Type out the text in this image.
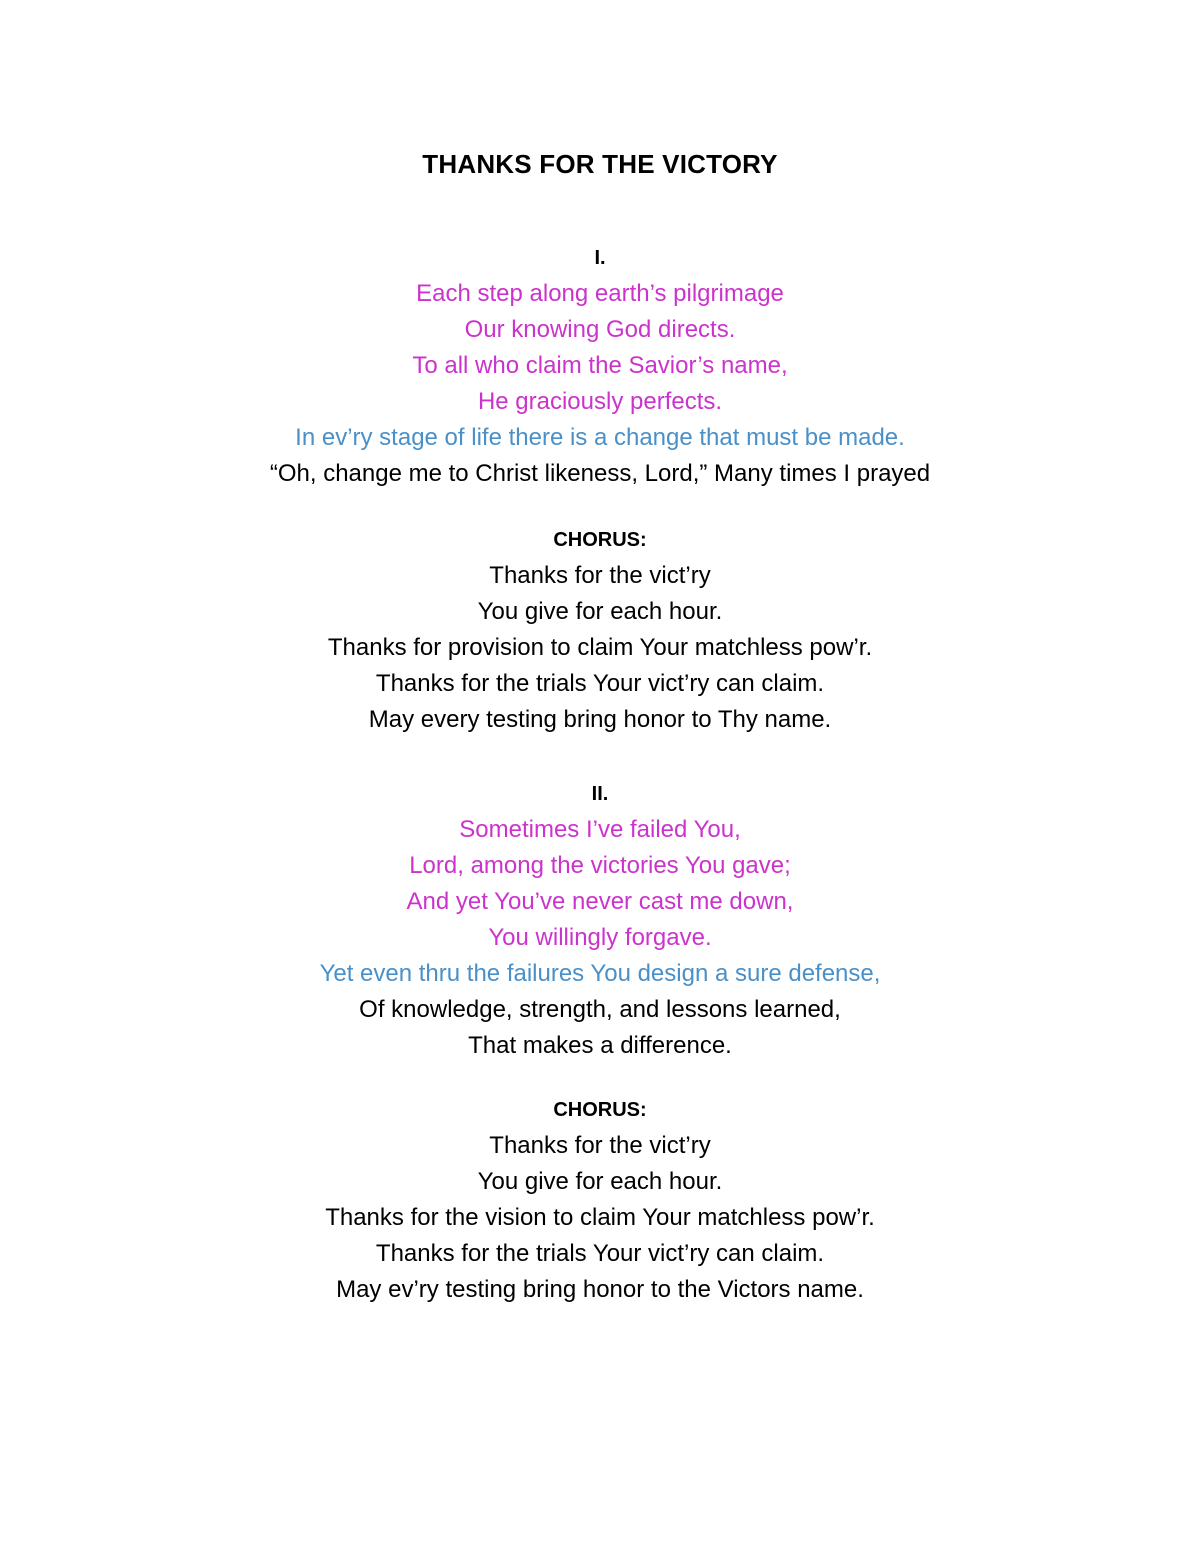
THANKS FOR THE VICTORY
I.
Each step along earth’s pilgrimage
Our knowing God directs.
To all who claim the Savior’s name,
He graciously perfects.
In ev’ry stage of life there is a change that must be made.
“Oh, change me to Christ likeness, Lord,” Many times I prayed
CHORUS:
Thanks for the vict’ry
You give for each hour.
Thanks for provision to claim Your matchless pow’r.
Thanks for the trials Your vict’ry can claim.
May every testing bring honor to Thy name.
II.
Sometimes I’ve failed You,
Lord, among the victories You gave;
And yet You’ve never cast me down,
You willingly forgave.
Yet even thru the failures You design a sure defense,
Of knowledge, strength, and lessons learned,
That makes a difference.
CHORUS:
Thanks for the vict’ry
You give for each hour.
Thanks for the vision to claim Your matchless pow’r.
Thanks for the trials Your vict’ry can claim.
May ev’ry testing bring honor to the Victors name.
